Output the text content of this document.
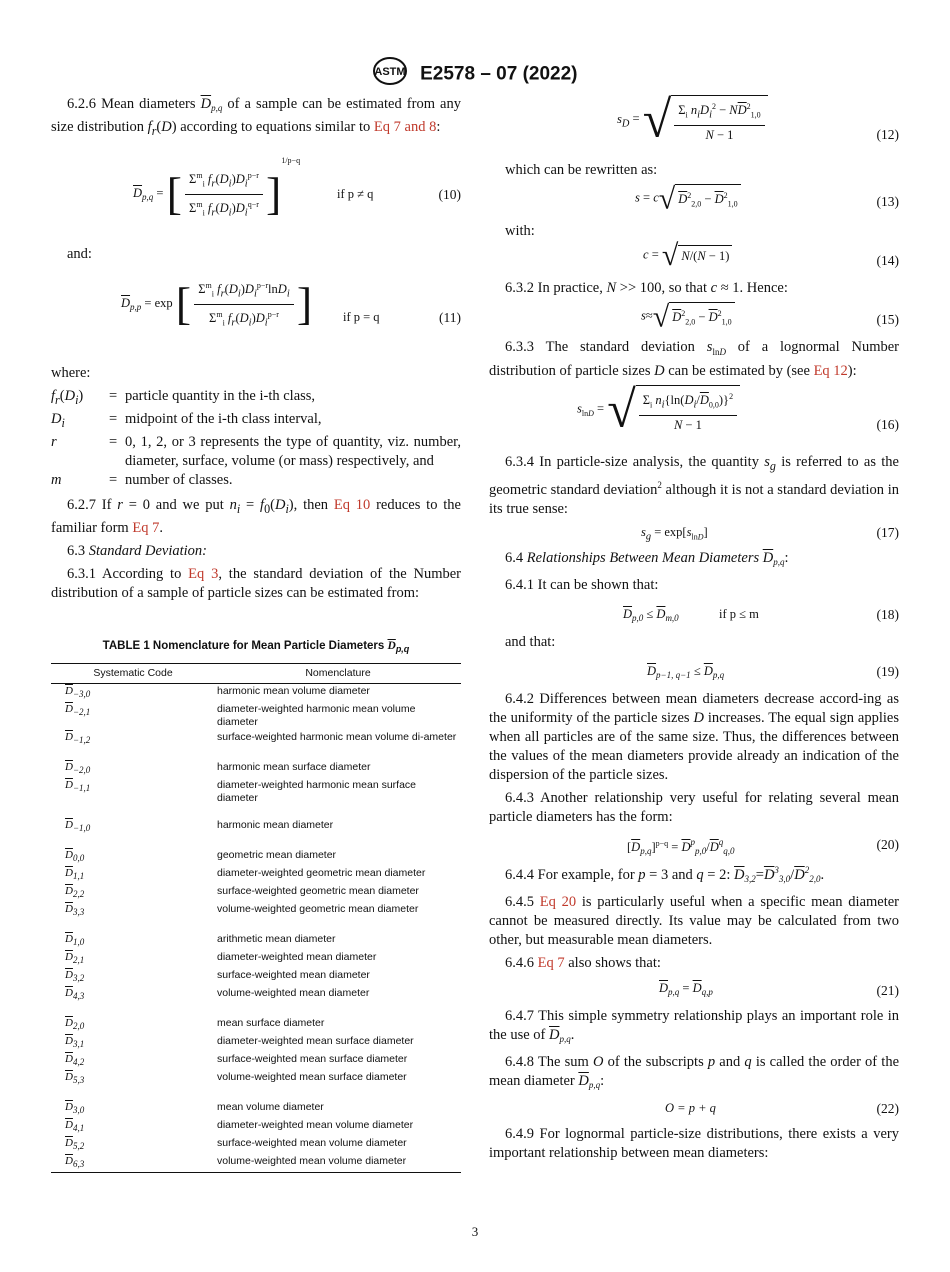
ASTM E2578 – 07 (2022)

6.2.6 Mean diameters $\overline{D}_{p,q}$ of a sample can be estimated from any size distribution $f_r(D)$ according to equations similar to Eq 7 and 8:

$\overline{D}_{p,q}$ = [ $\frac{\Sigma^m_i f_r(D_i)D_i^{p-r}}{\Sigma^m_i f_r(D_i)D_i^{q-r}} ]^{1/p-q}$
if p ≠ q	(10)

and:

$\overline{D}_{p,p} = \exp$ [ $\frac{\Sigma^m_i f_r(D_i)D_i^{p-r}\ln D_i}{\Sigma^m_i f_r(D_i)D_i^{p-r}}$ ] if p = q	(11)

where:

$f_r(D_i)$	=	particle quantity in the i-th class,
$D_i$	=	midpoint of the i-th class interval,
r	=	0, 1, 2, or 3 represents the type of quantity, viz. number, diameter, surface, volume (or mass) respectively, and
m	=	number of classes.

6.2.7 If r = 0 and we put $n_i = f_0(D_i)$, then Eq 10 reduces to the familiar form Eq 7.

6.3 Standard Deviation:

6.3.1 According to Eq 3, the standard deviation of the Number distribution of a sample of particle sizes can be estimated from:

TABLE 1 Nomenclature for Mean Particle Diameters $\overline{D}_{p,q}$
Systematic Code	Nomenclature
$\overline{D}_{-3,0}$	harmonic mean volume diameter
$\overline{D}_{-2,1}$	diameter-weighted harmonic mean volume diameter
$\overline{D}_{-1,2}$	surface-weighted harmonic mean volume di-ameter

$\overline{D}_{-2,0}$	harmonic mean surface diameter
$\overline{D}_{-1,1}$	diameter-weighted harmonic mean surface diameter

$\overline{D}_{-1,0}$	harmonic mean diameter

$\overline{D}_{0,0}$	geometric mean diameter
$\overline{D}_{1,1}$	diameter-weighted geometric mean diameter
$\overline{D}_{2,2}$	surface-weighted geometric mean diameter
$\overline{D}_{3,3}$	volume-weighted geometric mean diameter

$\overline{D}_{1,0}$	arithmetic mean diameter
$\overline{D}_{2,1}$	diameter-weighted mean diameter
$\overline{D}_{3,2}$	surface-weighted mean diameter
$\overline{D}_{4,3}$	volume-weighted mean diameter

$\overline{D}_{2,0}$	mean surface diameter
$\overline{D}_{3,1}$	diameter-weighted mean surface diameter
$\overline{D}_{4,2}$	surface-weighted mean surface diameter
$\overline{D}_{5,3}$	volume-weighted mean surface diameter

$\overline{D}_{3,0}$	mean volume diameter
$\overline{D}_{4,1}$	diameter-weighted mean volume diameter
$\overline{D}_{5,2}$	surface-weighted mean volume diameter
$\overline{D}_{6,3}$	volume-weighted mean volume diameter
$s_D$ = √ $\frac{\Sigma_i n_iD_i^2 - N\overline{D}^2_{1,0}}{N - 1}$	(12)

which can be rewritten as:

s = c√ $D^2_{2,0} - \overline{D}^2_{1,0}$	(13)

with:

c = √ N/(N − 1)	(14)

6.3.2 In practice, N >> 100, so that c ≈ 1. Hence:

s≈√ $D^2_{2,0} - \overline{D}^2_{1,0}$	(15)

6.3.3 The standard deviation $s_{lnD}$ of a lognormal Number distribution of particle sizes D can be estimated by (see Eq 12):

$s_{lnD}$ = √ $\frac{\Sigma_i n_i\{\ln(D_i/\overline{D}_{0,0})\}^2}{N - 1}$	(16)

6.3.4 In particle-size analysis, the quantity $s_g$ is referred to as the geometric standard deviation$^2$ although it is not a standard deviation in its true sense:

$s_g = \exp[s_{lnD}]$	(17)

6.4 Relationships Between Mean Diameters $\overline{D}_{p,q}$:

6.4.1 It can be shown that:

$\overline{D}_{p,0} \le \overline{D}_{m,0}$	if p ≤ m	(18)

and that:

$\overline{D}_{p-1, q-1} \le \overline{D}_{p,q}$	(19)

6.4.2 Differences between mean diameters decrease accord-ing as the uniformity of the particle sizes D increases. The equal sign applies when all particles are of the same size. Thus, the differences between the values of the mean diameters provide already an indication of the dispersion of the particle sizes.

6.4.3 Another relationship very useful for relating several mean particle diameters has the form:

$[\overline{D}_{p,q}]^{p-q} = \overline{D}^p_{p,0}/\overline{D}^q_{q,0}$	(20)

6.4.4 For example, for p = 3 and q = 2: $\overline{D}_{3,2}=\overline{D}^3_{3,0}/\overline{D}^2_{2,0}$.

6.4.5 Eq 20 is particularly useful when a specific mean diameter cannot be measured directly. Its value may be calculated from two other, but measurable mean diameters.

6.4.6 Eq 7 also shows that:

$\overline{D}_{p,q} = \overline{D}_{q,p}$	(21)

6.4.7 This simple symmetry relationship plays an important role in the use of $\overline{D}_{p,q}$.

6.4.8 The sum O of the subscripts p and q is called the order of the mean diameter $\overline{D}_{p,q}$:

O = p + q	(22)

6.4.9 For lognormal particle-size distributions, there exists a very important relationship between mean diameters:

3
